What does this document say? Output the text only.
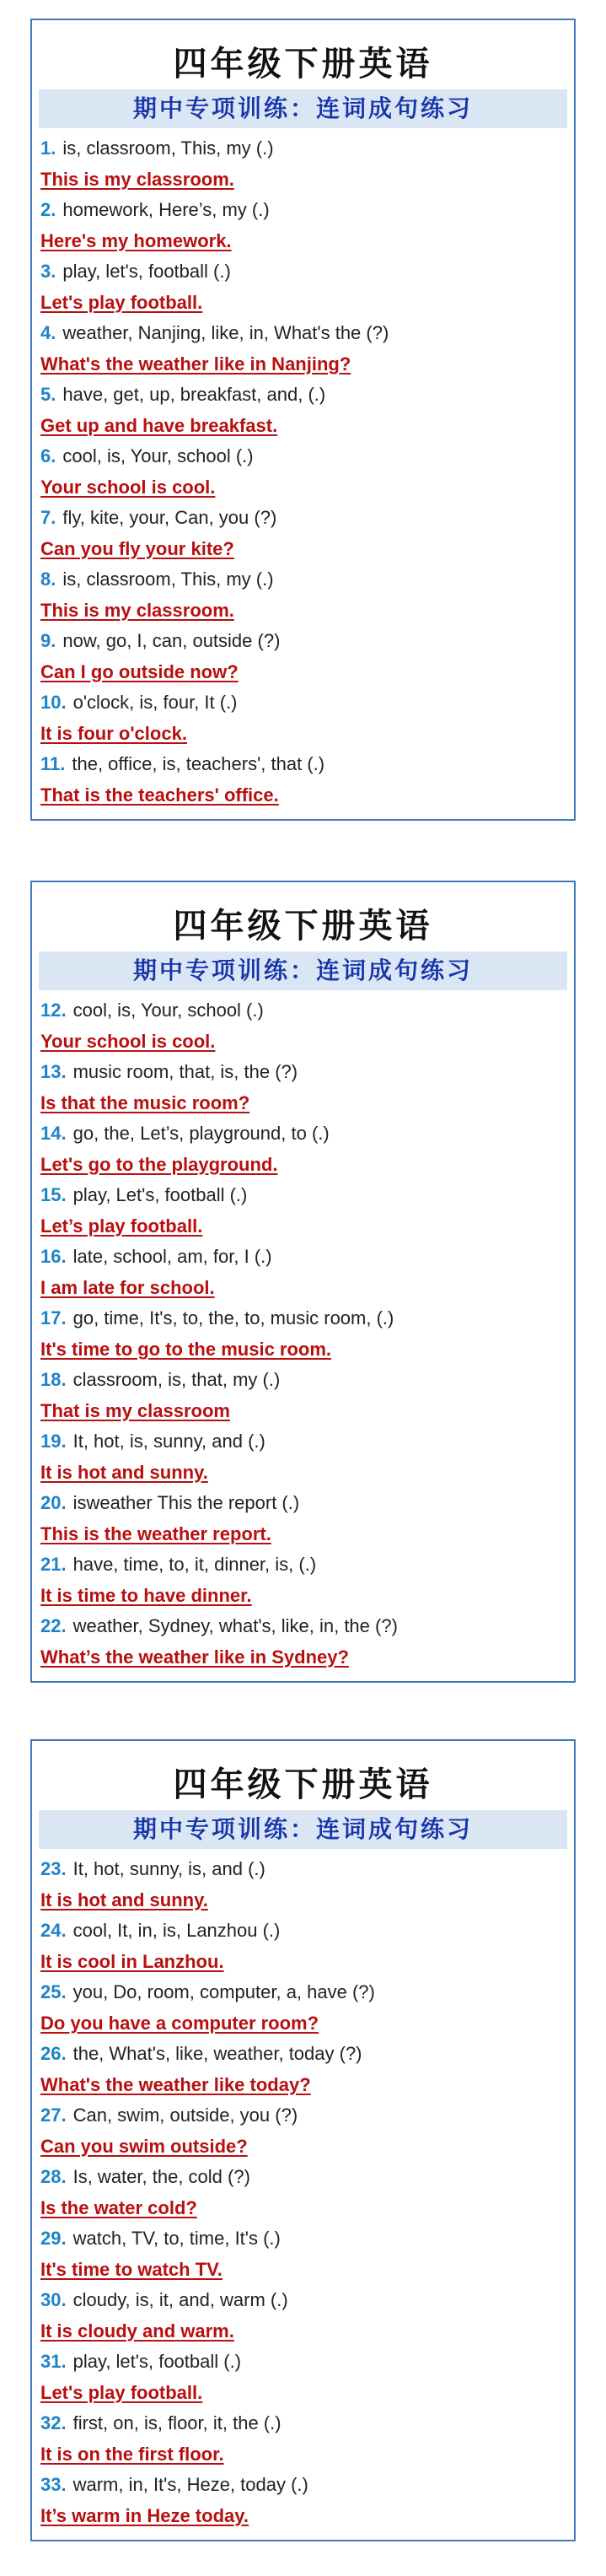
四年级下册英语
期中专项训练：连词成句练习
1. is, classroom, This, my (.)
This is my classroom.
2. homework, Here’s, my (.)
Here's my homework.
3. play, let's, football (.)
Let's play football.
4. weather, Nanjing, like, in, What's the (?)
What's the weather like in Nanjing?
5. have, get, up, breakfast, and, (.)
Get up and have breakfast.
6. cool, is, Your, school (.)
Your school is cool.
7. fly, kite, your, Can, you (?)
Can you fly your kite?
8. is, classroom, This, my (.)
This is my classroom.
9. now, go, I, can, outside (?)
Can I go outside now?
10. o'clock, is, four, It (.)
It is four o'clock.
11. the, office, is, teachers', that (.)
That is the teachers' office.
四年级下册英语
期中专项训练：连词成句练习
12. cool, is, Your, school (.)
Your school is cool.
13. music room, that, is, the (?)
Is that the music room?
14. go, the, Let’s, playground, to (.)
Let's go to the playground.
15. play, Let's, football (.)
Let’s play football.
16. late, school, am, for, I (.)
I am late for school.
17. go, time, It's, to, the, to, music room, (.)
It's time to go to the music room.
18. classroom, is, that, my (.)
That is my classroom
19. It, hot, is, sunny, and (.)
It is hot and sunny.
20. isweather This the report (.)
This is the weather report.
21. have, time, to, it, dinner, is, (.)
It is time to have dinner.
22. weather, Sydney, what's, like, in, the (?)
What’s the weather like in Sydney?
四年级下册英语
期中专项训练：连词成句练习
23. It, hot, sunny, is, and (.)
It is hot and sunny.
24. cool, It, in, is, Lanzhou (.)
It is cool in Lanzhou.
25. you, Do, room, computer, a, have (?)
Do you have a computer room?
26. the, What's, like, weather, today (?)
What's the weather like today?
27. Can, swim, outside, you (?)
Can you swim outside?
28. Is, water, the, cold (?)
Is the water cold?
29. watch, TV, to, time, It's (.)
It's time to watch TV.
30. cloudy, is, it, and, warm (.)
It is cloudy and warm.
31. play, let's, football (.)
Let's play football.
32. first, on, is, floor, it, the (.)
It is on the first floor.
33. warm, in, It's, Heze, today (.)
It’s warm in Heze today.
